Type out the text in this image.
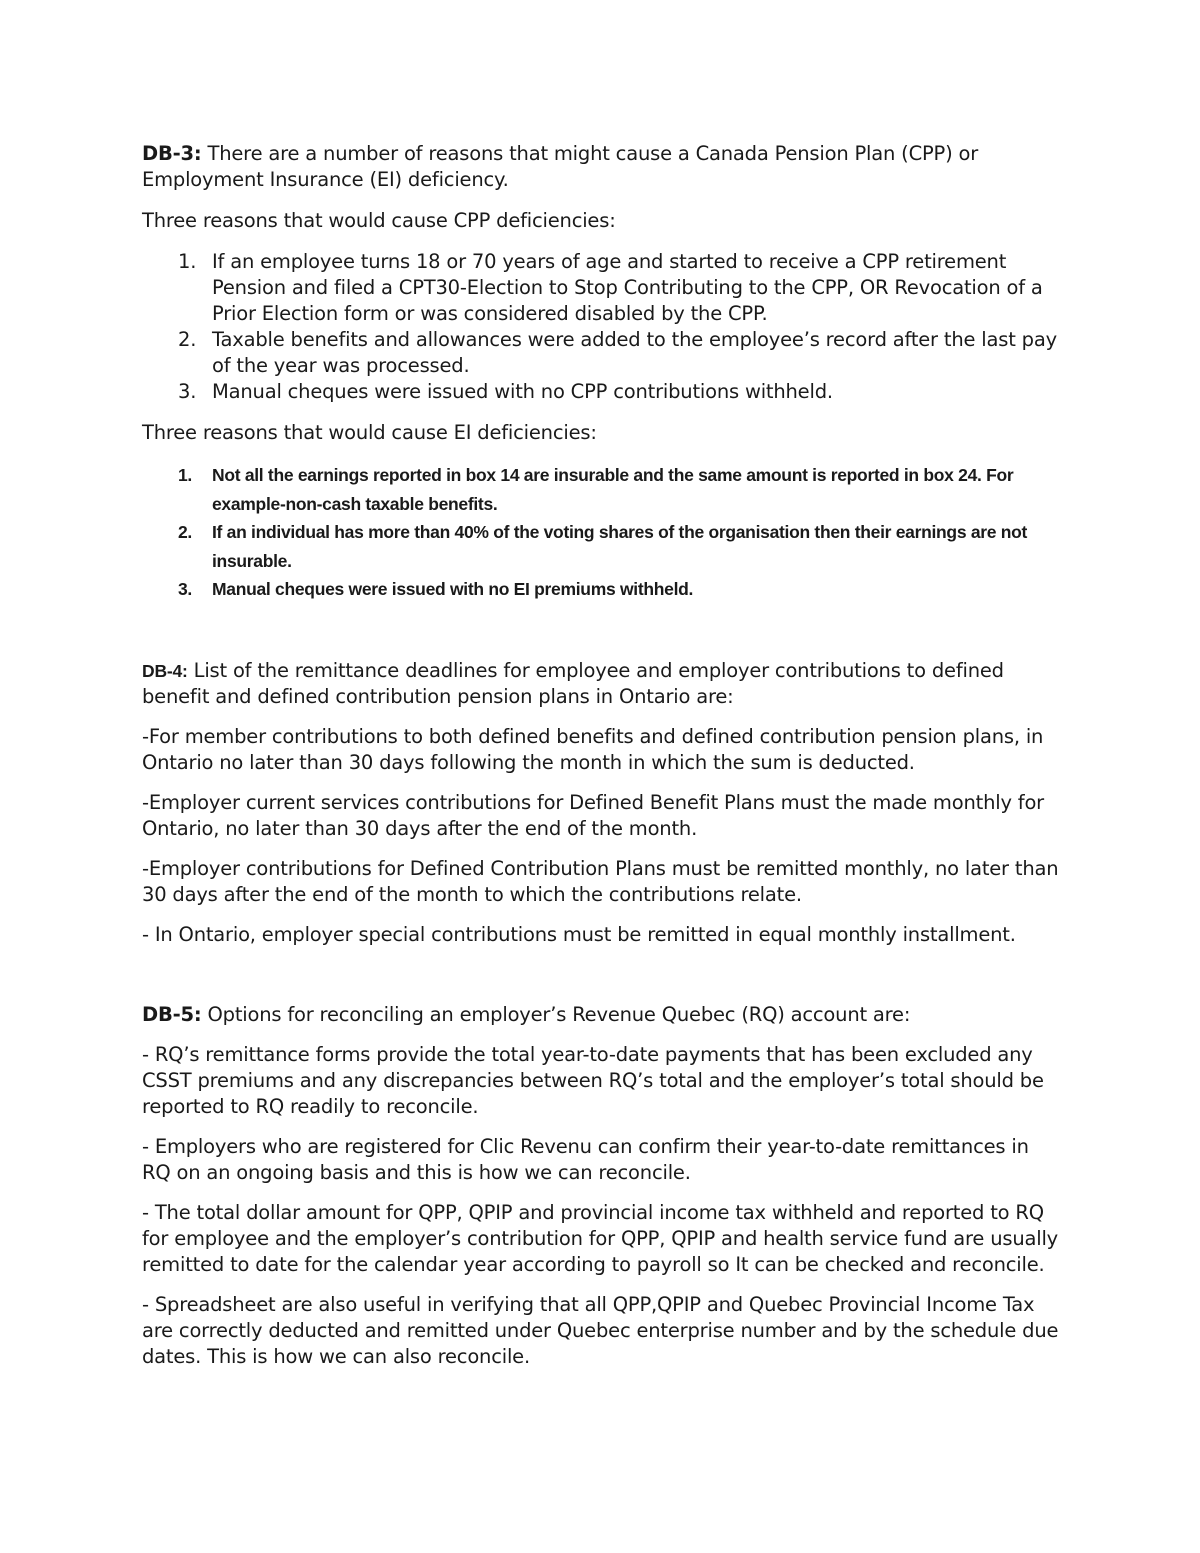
DB-3: There are a number of reasons that might cause a Canada Pension Plan (CPP) or Employment Insurance (EI) deficiency.

Three reasons that would cause CPP deficiencies:

1. If an employee turns 18 or 70 years of age and started to receive a CPP retirement Pension and filed a CPT30-Election to Stop Contributing to the CPP, OR Revocation of a Prior Election form or was considered disabled by the CPP.
2. Taxable benefits and allowances were added to the employee’s record after the last pay of the year was processed.
3. Manual cheques were issued with no CPP contributions withheld.

Three reasons that would cause EI deficiencies:

1. Not all the earnings reported in box 14 are insurable and the same amount is reported in box 24. For example-non-cash taxable benefits.
2. If an individual has more than 40% of the voting shares of the organisation then their earnings are not insurable.
3. Manual cheques were issued with no EI premiums withheld.

DB-4: List of the remittance deadlines for employee and employer contributions to defined benefit and defined contribution pension plans in Ontario are:

-For member contributions to both defined benefits and defined contribution pension plans, in Ontario no later than 30 days following the month in which the sum is deducted.

-Employer current services contributions for Defined Benefit Plans must the made monthly for Ontario, no later than 30 days after the end of the month.

-Employer contributions for Defined Contribution Plans must be remitted monthly, no later than 30 days after the end of the month to which the contributions relate.

- In Ontario, employer special contributions must be remitted in equal monthly installment.

DB-5: Options for reconciling an employer’s Revenue Quebec (RQ) account are:

- RQ’s remittance forms provide the total year-to-date payments that has been excluded any CSST premiums and any discrepancies between RQ’s total and the employer’s total should be reported to RQ readily to reconcile.

- Employers who are registered for Clic Revenu can confirm their year-to-date remittances in RQ on an ongoing basis and this is how we can reconcile.

- The total dollar amount for QPP, QPIP and provincial income tax withheld and reported to RQ for employee and the employer’s contribution for QPP, QPIP and health service fund are usually remitted to date for the calendar year according to payroll so It can be checked and reconcile.

- Spreadsheet are also useful in verifying that all QPP,QPIP and Quebec Provincial Income Tax are correctly deducted and remitted under Quebec enterprise number and by the schedule due dates. This is how we can also reconcile.
